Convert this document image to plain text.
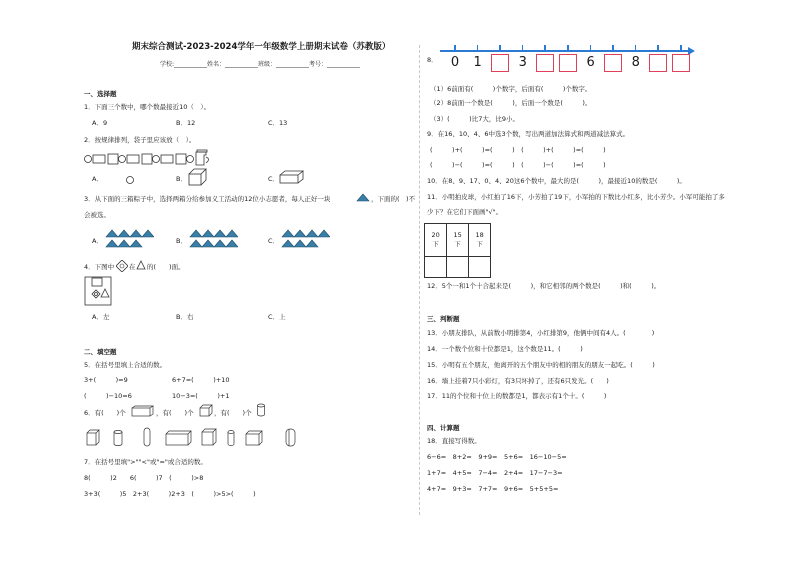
期末综合测试-2023-2024学年一年级数学上册期末试卷（苏教版）
学校:___________姓名：___________班级：___________考号：___________
一、选择题
1．下面三个数中，哪个数最接近10（　）。
A．9	B．12	C．13
2．按规律排列，袋子里应该放（　）。
A．	B．	C．
3．从下面的三箱粽子中，选择两箱分给参加义工活动的12位小志愿者，每人正好一块	，下面的(　)不
会被选。
A．	B．	C．
4．下图中 在 的(　　)面。
A．左	B．右	C．上
二、填空题
5．在括号里填上合适的数。
3+(　　　)=9	6+7=(　　　)+10
(　　　)−10=6	10−3=(　　　)+1
6．有(　　)个	，有(　　)个	，有(　　)个
7．在括号里填">""<"或"="或合适的数。
8(　　　)2　　6(　　　)7　(　　　)>8
3+3(　　　)5　2+3(　　　)2+3　(　　　)>5>(　　　)
8．	0	1	3	6	8
（1）6前面有(　　　)个数字，后面有(　　　)个数字。
（2）8前面一个数是(　　　)，后面一个数是(　　　)。
（3）(　　　)比7大，比9小。
9．在16、10、4、6中选3个数，写出两道加法算式和两道减法算式。
(　　　)+(　　　)=(　　　)　(　　　)+(　　　)=(　　　)
(　　　)−(　　　)=(　　　)　(　　　)−(　　　)=(　　　)
10．在8、9、17、0、4、20这6个数中，最大的是(　　　)，最接近10的数是(　　　)。
11．小明拍皮球，小红拍了16下，小芳拍了19下，小军拍的下数比小红多，比小芳少。小军可能拍了多
少下？在它们下面画"√"。
20下	15下	18下

12．5个一和1个十合起来是(　　　)，和它相邻的两个数是(　　　)和(　　　)。
三、判断题
13．小朋友排队，从前数小明排第4，小红排第9，他俩中间有4人。(　　　　)
14．一个数个位和十位都是1，这个数是11。(　　　)
15．小明有五个朋友，他离开的五个朋友中的相的朋友的朋友一起吃。(　　　)
16．墙上挂着7只小彩灯，有3只坏掉了，还有6只发光。(　　)
17．11的个位和十位上的数都是1，都表示有1个十。(　　　)
四、计算题
18．直接写得数。
6−6=　8+2=　9+9=　5+6=　16−10−5=
1+7=　4+5=　7−4=　2+4=　17−7−3=
4+7=　9+3=　7+7=　9+6=　5+5+5=
